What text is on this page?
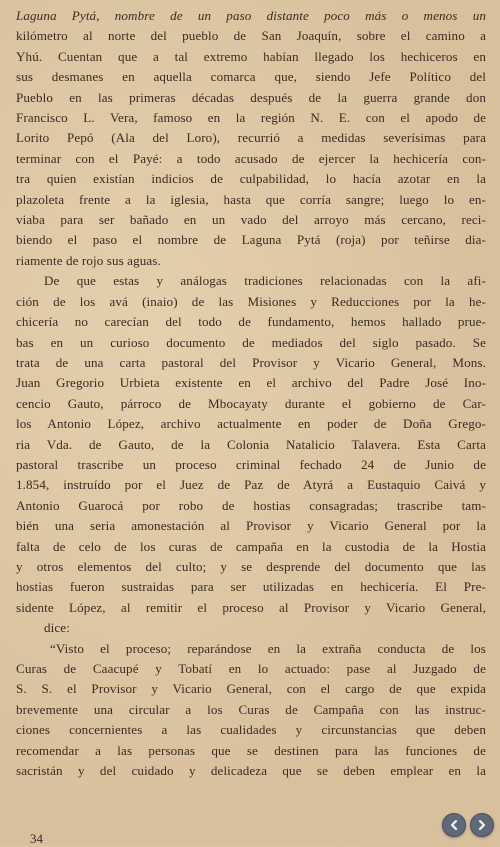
Laguna Pytá, nombre de un paso distante poco más o menos un
kilómetro al norte del pueblo de San Joaquín, sobre el camino a
Yhú. Cuentan que a tal extremo habían llegado los hechiceros en
sus desmanes en aquella comarca que, siendo Jefe Político del
Pueblo en las primeras décadas después de la guerra grande don
Francisco L. Vera, famoso en la región N. E. con el apodo de
Lorito Pepó (Ala del Loro), recurrió a medidas severísimas para
terminar con el Payé: a todo acusado de ejercer la hechicería con-
tra quien existían indicios de culpabilidad, lo hacía azotar en la
plazoleta frente a la iglesia, hasta que corría sangre; luego lo en-
viaba para ser bañado en un vado del arroyo más cercano, reci-
biendo el paso el nombre de Laguna Pytá (roja) por teñirse dia-
riamente de rojo sus aguas.
De que estas y análogas tradiciones relacionadas con la afi-
ción de los avá (inaio) de las Misiones y Reducciones por la he-
chicería no carecían del todo de fundamento, hemos hallado prue-
bas en un curioso documento de mediados del siglo pasado. Se
trata de una carta pastoral del Provisor y Vicario General, Mons.
Juan Gregorio Urbieta existente en el archivo del Padre José Ino-
cencio Gauto, párroco de Mbocayaty durante el gobierno de Car-
los Antonio López, archivo actualmente en poder de Doña Grego-
ria Vda. de Gauto, de la Colonia Natalicio Talavera. Esta Carta
pastoral trascribe un proceso criminal fechado 24 de Junio de
1.854, instruído por el Juez de Paz de Atyrá a Eustaquio Caivá y
Antonio Guarocá por robo de hostias consagradas; trascribe tam-
bién una seria amonestación al Provisor y Vicario General por la
falta de celo de los curas de campaña en la custodia de la Hostia
y otros elementos del culto; y se desprende del documento que las
hostias fueron sustraidas para ser utilizadas en hechicería. El Pre-
sidente López, al remitir el proceso al Provisor y Vicario General,
dice:
“Visto el proceso; reparándose en la extraña conducta de los
Curas de Caacupé y Tobatí en lo actuado: pase al Juzgado de
S. S. el Provisor y Vicario General, con el cargo de que expida
brevemente una circular a los Curas de Campaña con las instruc-
ciones concernientes a las cualidades y circunstancias que deben
recomendar a las personas que se destinen para las funciones de
sacristán y del cuidado y delicadeza que se deben emplear en la
34
